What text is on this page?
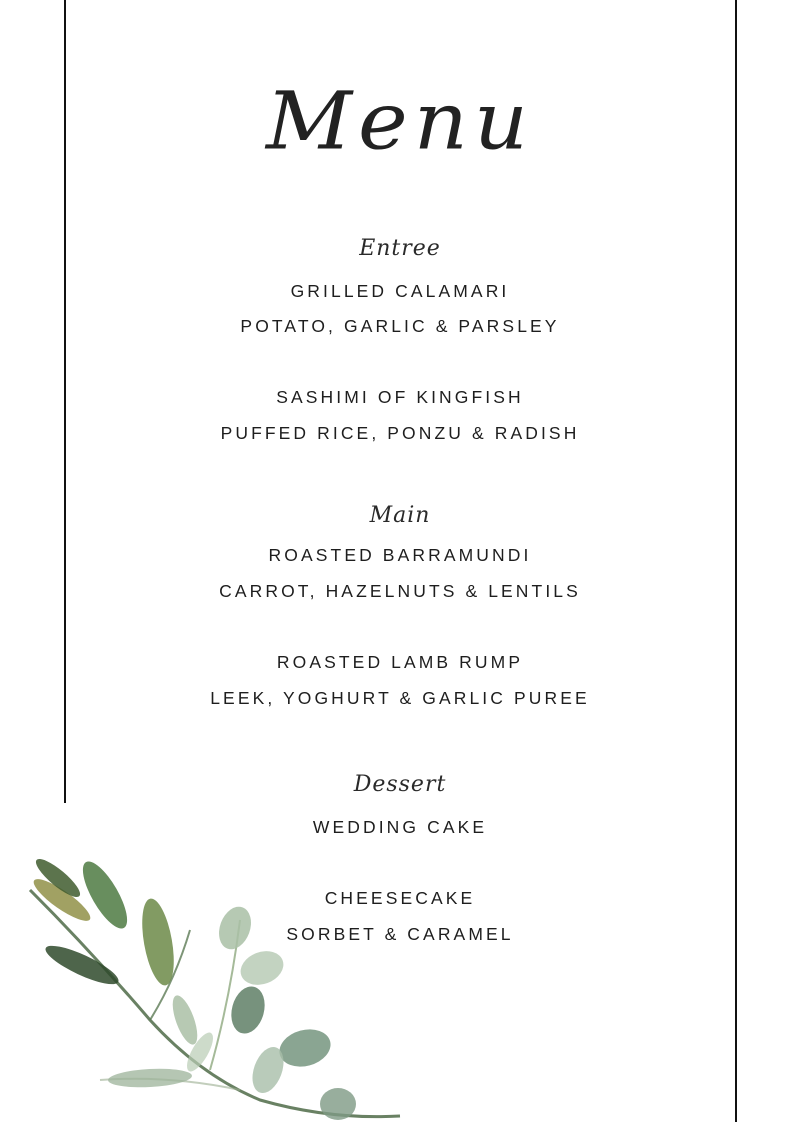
Menu
Entree
GRILLED CALAMARI
POTATO, GARLIC & PARSLEY
SASHIMI OF KINGFISH
PUFFED RICE, PONZU & RADISH
Main
ROASTED BARRAMUNDI
CARROT, HAZELNUTS & LENTILS
ROASTED LAMB RUMP
LEEK, YOGHURT & GARLIC PUREE
Dessert
WEDDING CAKE
CHEESECAKE
SORBET & CARAMEL
